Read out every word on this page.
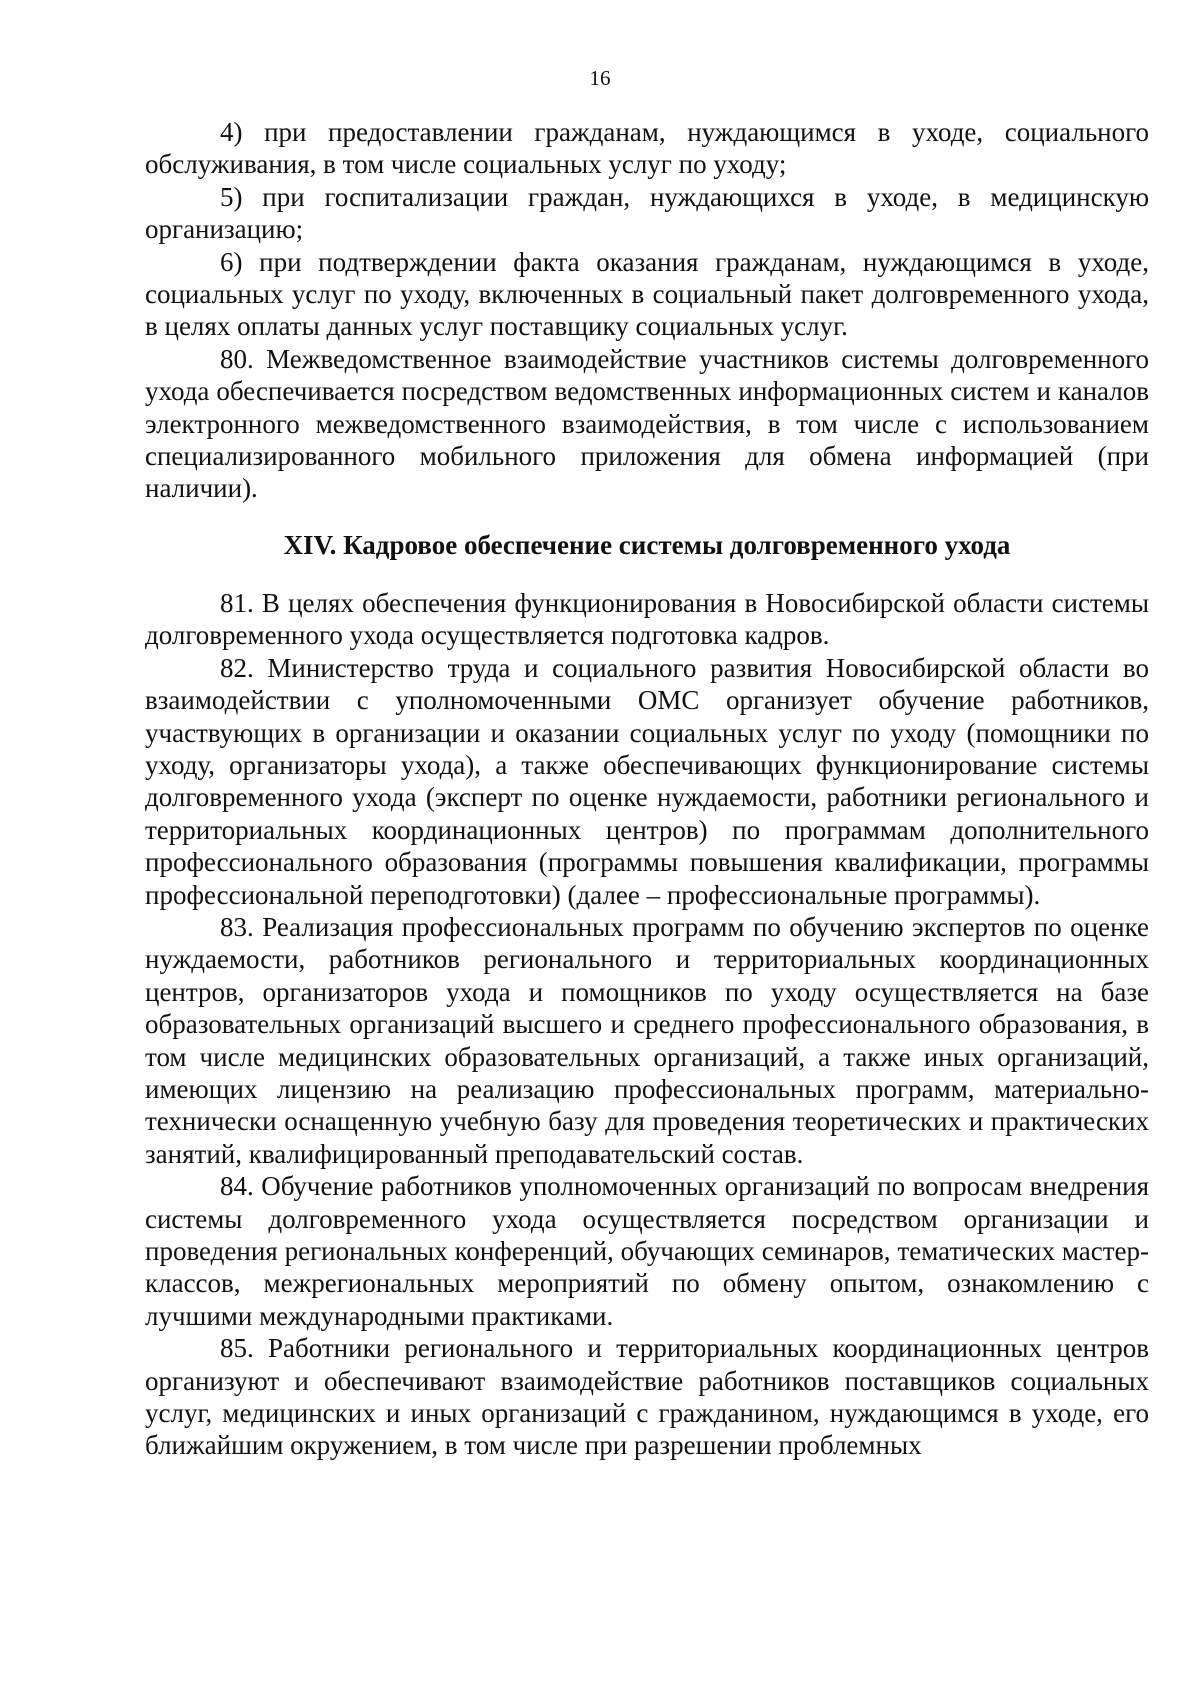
16

4) при предоставлении гражданам, нуждающимся в уходе, социального обслуживания, в том числе социальных услуг по уходу;

5) при госпитализации граждан, нуждающихся в уходе, в медицинскую организацию;

6) при подтверждении факта оказания гражданам, нуждающимся в уходе, социальных услуг по уходу, включенных в социальный пакет долговременного ухода, в целях оплаты данных услуг поставщику социальных услуг.

80. Межведомственное взаимодействие участников системы долговременного ухода обеспечивается посредством ведомственных информационных систем и каналов электронного межведомственного взаимодействия, в том числе с использованием специализированного мобильного приложения для обмена информацией (при наличии).

XIV. Кадровое обеспечение системы долговременного ухода

81. В целях обеспечения функционирования в Новосибирской области системы долговременного ухода осуществляется подготовка кадров.

82. Министерство труда и социального развития Новосибирской области во взаимодействии с уполномоченными ОМС организует обучение работников, участвующих в организации и оказании социальных услуг по уходу (помощники по уходу, организаторы ухода), а также обеспечивающих функционирование системы долговременного ухода (эксперт по оценке нуждаемости, работники регионального и территориальных координационных центров) по программам дополнительного профессионального образования (программы повышения квалификации, программы профессиональной переподготовки) (далее – профессиональные программы).

83. Реализация профессиональных программ по обучению экспертов по оценке нуждаемости, работников регионального и территориальных координационных центров, организаторов ухода и помощников по уходу осуществляется на базе образовательных организаций высшего и среднего профессионального образования, в том числе медицинских образовательных организаций, а также иных организаций, имеющих лицензию на реализацию профессиональных программ, материально-технически оснащенную учебную базу для проведения теоретических и практических занятий, квалифицированный преподавательский состав.

84. Обучение работников уполномоченных организаций по вопросам внедрения системы долговременного ухода осуществляется посредством организации и проведения региональных конференций, обучающих семинаров, тематических мастер-классов, межрегиональных мероприятий по обмену опытом, ознакомлению с лучшими международными практиками.

85. Работники регионального и территориальных координационных центров организуют и обеспечивают взаимодействие работников поставщиков социальных услуг, медицинских и иных организаций с гражданином, нуждающимся в уходе, его ближайшим окружением, в том числе при разрешении проблемных
